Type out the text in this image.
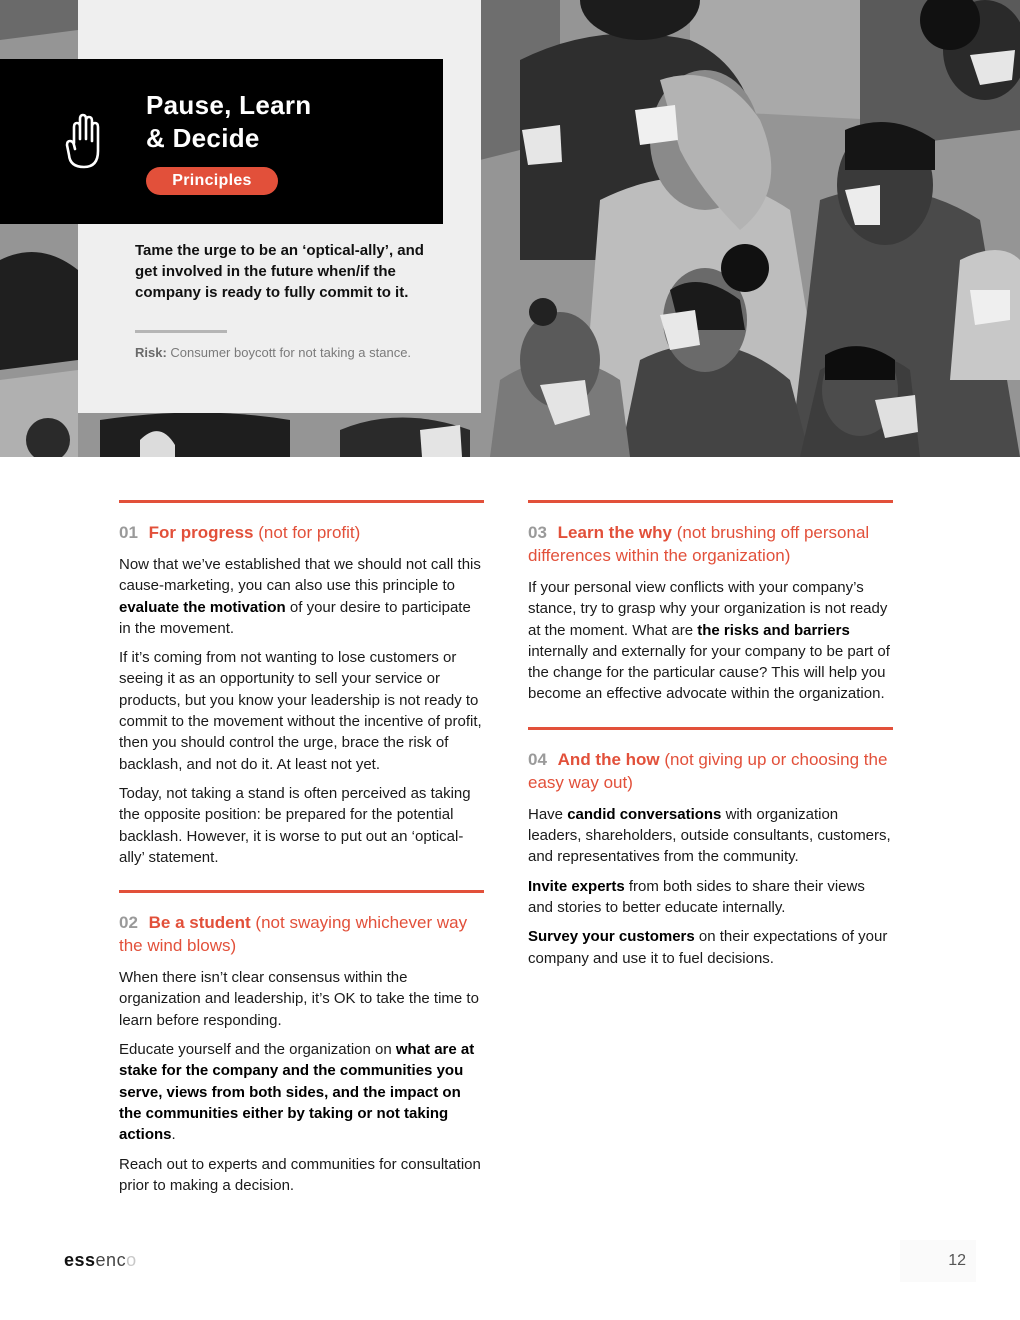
Pause, Learn
& Decide
Principles
Tame the urge to be an ‘optical-ally’, and get involved in the future when/if the company is ready to fully commit to it.
Risk: Consumer boycott for not taking a stance.
01 For progress (not for profit)

Now that we’ve established that we should not call this cause-marketing, you can also use this principle to evaluate the motivation of your desire to participate in the movement.

If it’s coming from not wanting to lose customers or seeing it as an opportunity to sell your service or products, but you know your leadership is not ready to commit to the movement without the incentive of profit, then you should control the urge, brace the risk of backlash, and not do it. At least not yet.

Today, not taking a stand is often perceived as taking the opposite position: be prepared for the potential backlash. However, it is worse to put out an ‘optical-ally’ statement.

02 Be a student (not swaying whichever way the wind blows)

When there isn’t clear consensus within the organization and leadership, it’s OK to take the time to learn before responding.

Educate yourself and the organization on what are at stake for the company and the communities you serve, views from both sides, and the impact on the communities either by taking or not taking actions.

Reach out to experts and communities for consultation prior to making a decision.

03 Learn the why (not brushing off personal differences within the organization)

If your personal view conflicts with your company’s stance, try to grasp why your organization is not ready at the moment. What are the risks and barriers internally and externally for your company to be part of the change for the particular cause? This will help you become an effective advocate within the organization.

04 And the how (not giving up or choosing the easy way out)

Have candid conversations with organization leaders, shareholders, outside consultants, customers, and representatives from the community.

Invite experts from both sides to share their views and stories to better educate internally.

Survey your customers on their expectations of your company and use it to fuel decisions.

essenco	12
